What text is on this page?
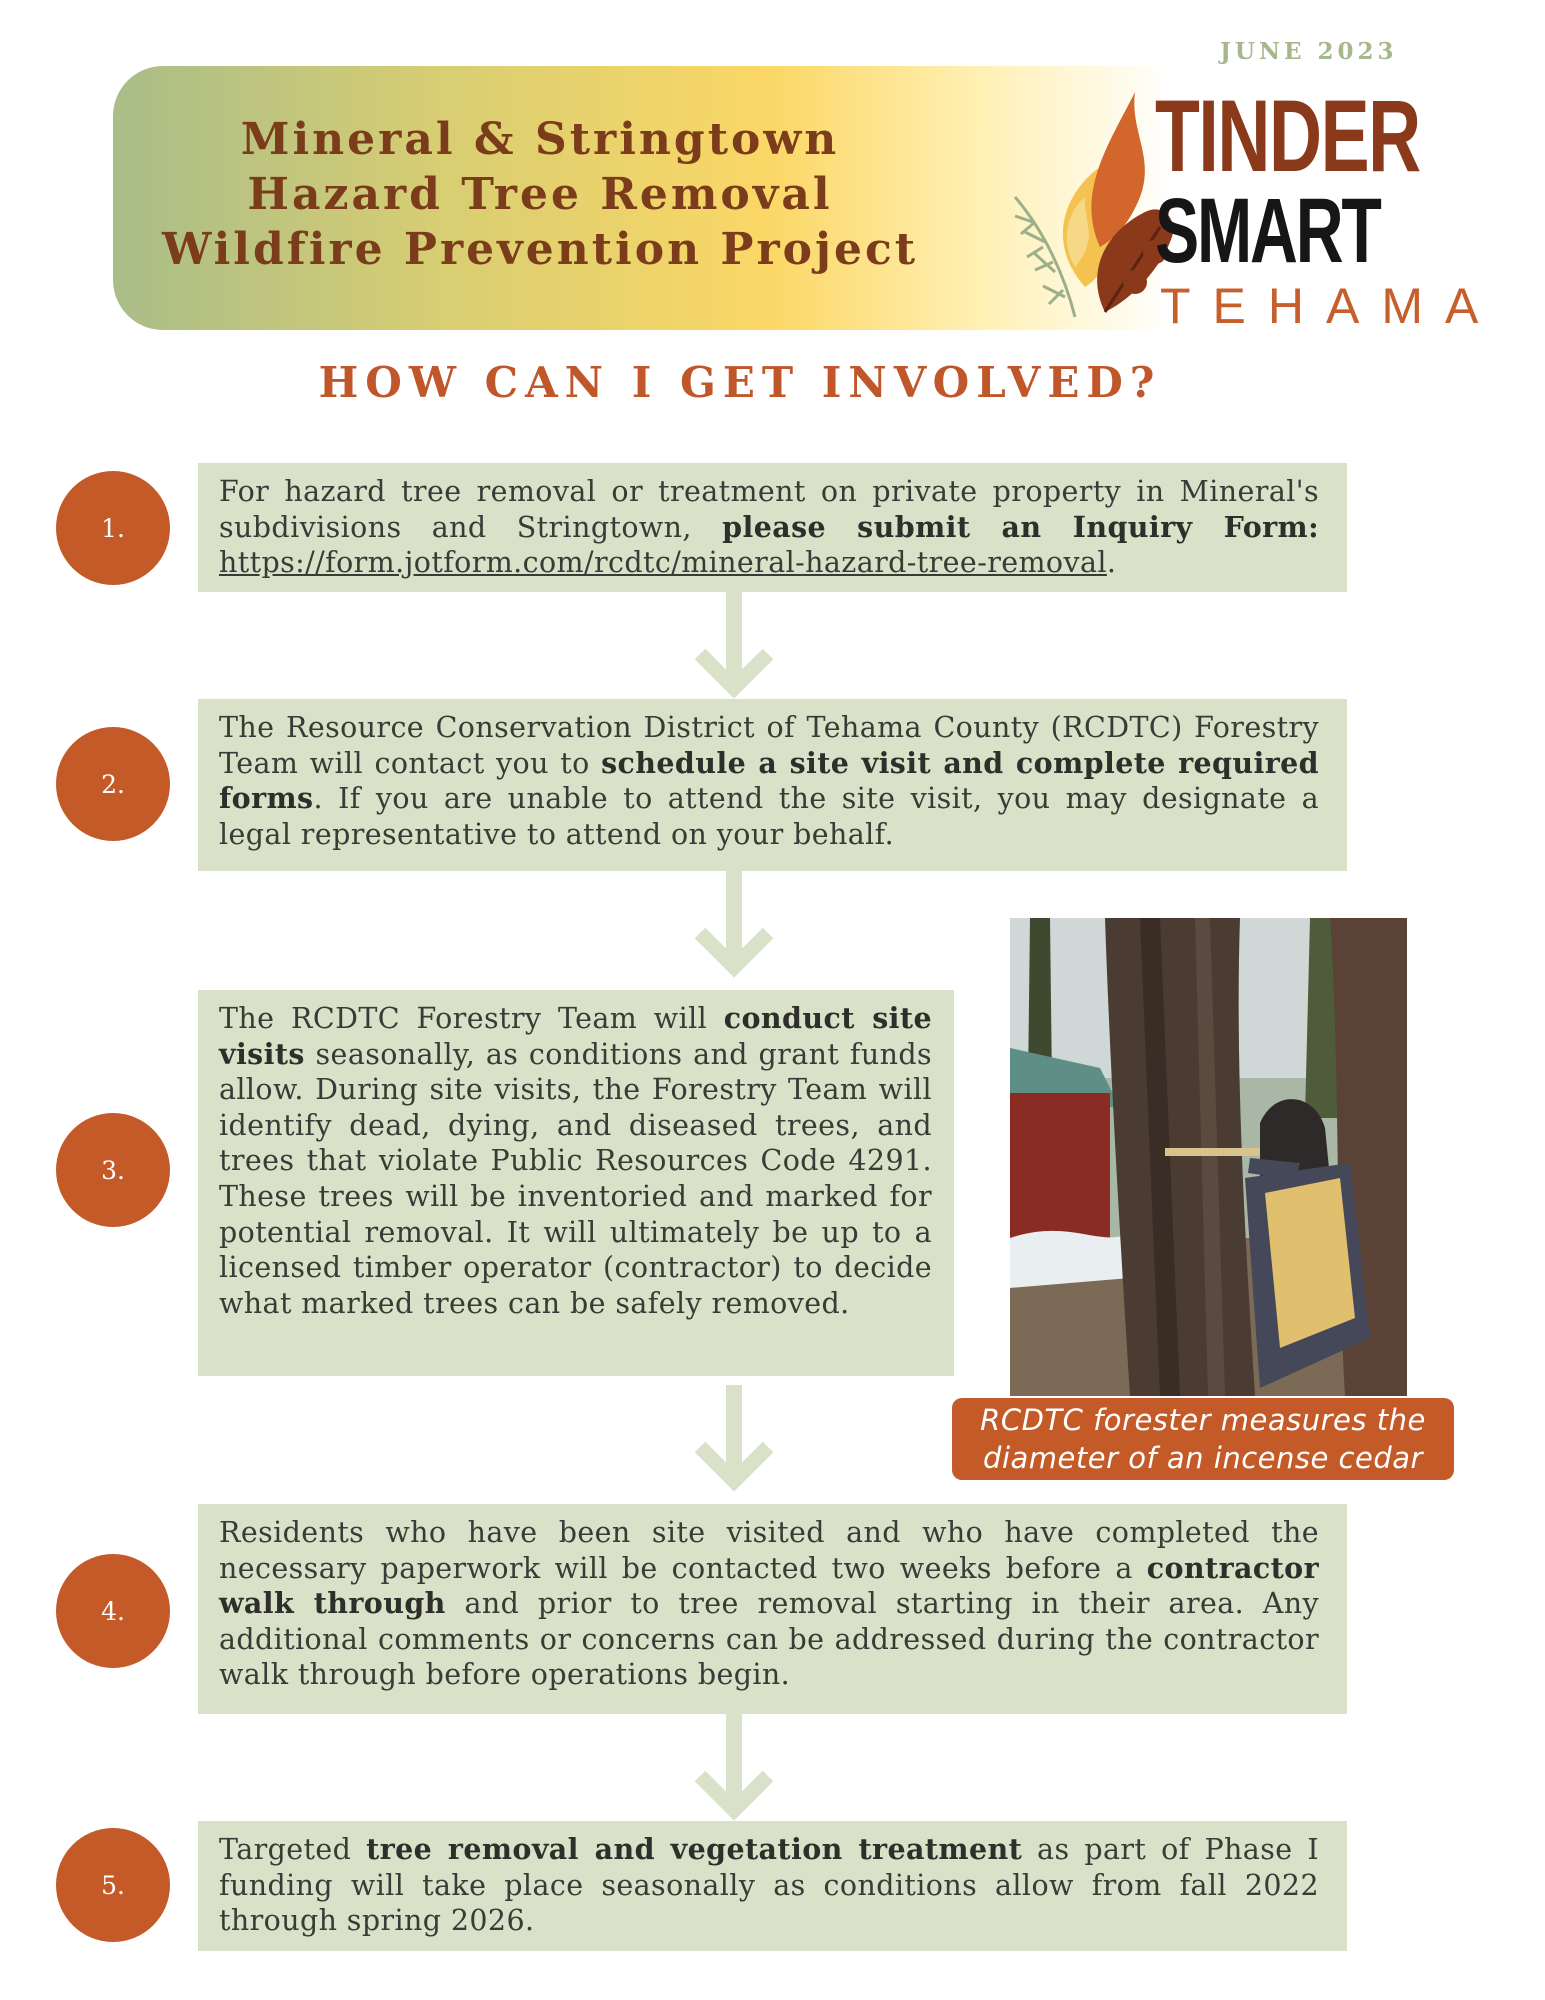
JUNE 2023
Mineral & Stringtown
Hazard Tree Removal
Wildfire Prevention Project
TINDER
SMART
TEHAMA
HOW CAN I GET INVOLVED?
1.

For hazard tree removal or treatment on private property in Mineral's subdivisions and Stringtown, please submit an Inquiry Form: https://form.jotform.com/rcdtc/mineral-hazard-tree-removal.

2.

The Resource Conservation District of Tehama County (RCDTC) Forestry Team will contact you to schedule a site visit and complete required forms. If you are unable to attend the site visit, you may designate a legal representative to attend on your behalf.

3.

The RCDTC Forestry Team will conduct site visits seasonally, as conditions and grant funds allow. During site visits, the Forestry Team will identify dead, dying, and diseased trees, and trees that violate Public Resources Code 4291. These trees will be inventoried and marked for potential removal. It will ultimately be up to a licensed timber operator (contractor) to decide what marked trees can be safely removed.

RCDTC forester measures the
diameter of an incense cedar
4.

Residents who have been site visited and who have completed the necessary paperwork will be contacted two weeks before a contractor walk through and prior to tree removal starting in their area. Any additional comments or concerns can be addressed during the contractor walk through before operations begin.

5.

Targeted tree removal and vegetation treatment as part of Phase I funding will take place seasonally as conditions allow from fall 2022 through spring 2026.
